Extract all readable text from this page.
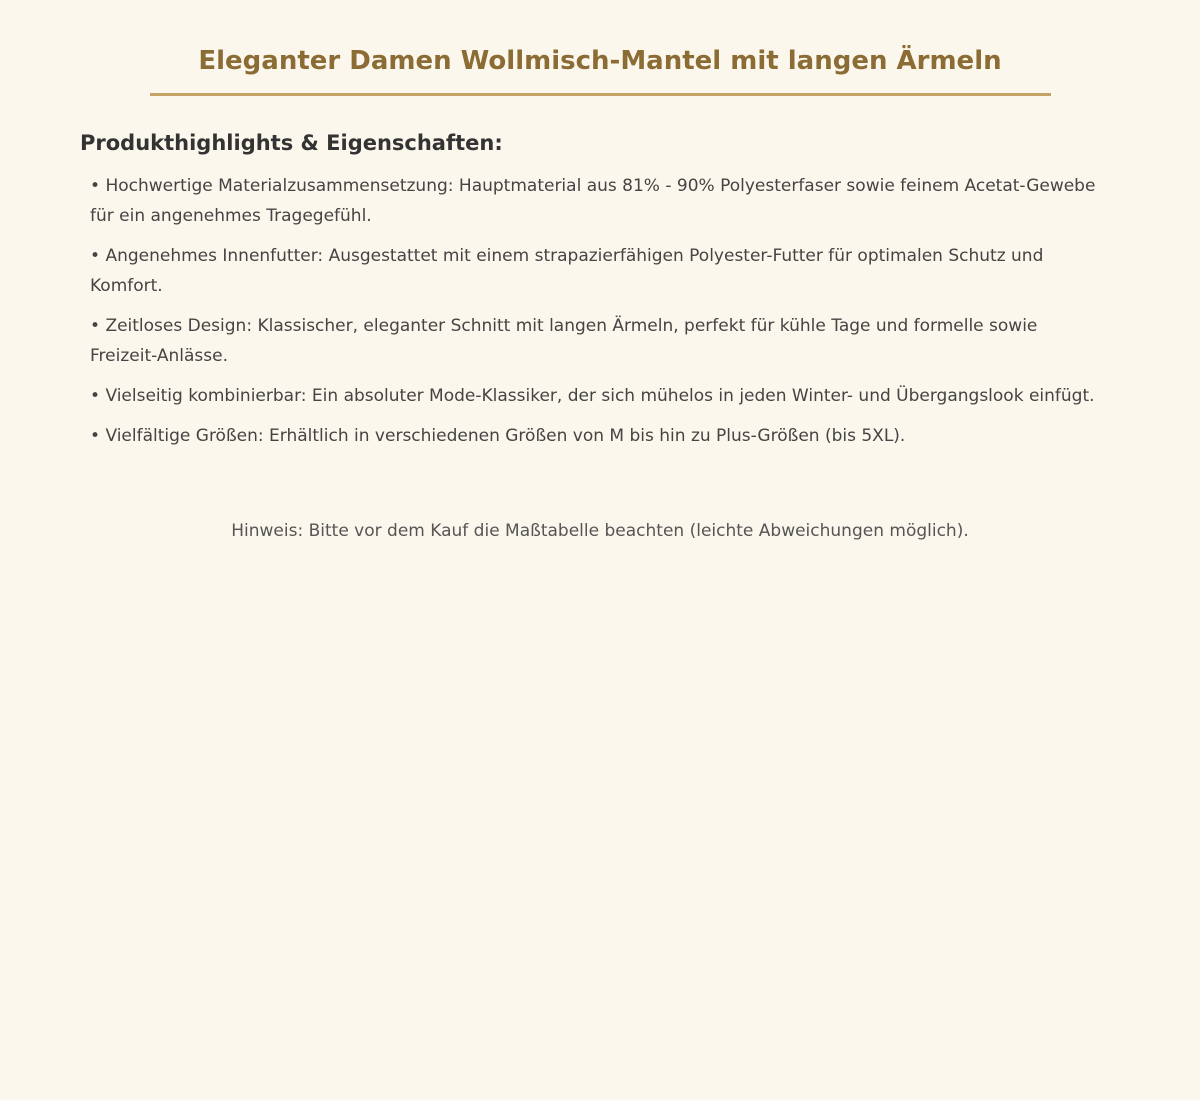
Eleganter Damen Wollmisch-Mantel mit langen Ärmeln
Produkthighlights & Eigenschaften:
• Hochwertige Materialzusammensetzung: Hauptmaterial aus 81% - 90% Polyesterfaser sowie feinem Acetat-Gewebe für ein angenehmes Tragegefühl.
• Angenehmes Innenfutter: Ausgestattet mit einem strapazierfähigen Polyester-Futter für optimalen Schutz und Komfort.
• Zeitloses Design: Klassischer, eleganter Schnitt mit langen Ärmeln, perfekt für kühle Tage und formelle sowie Freizeit-Anlässe.
• Vielseitig kombinierbar: Ein absoluter Mode-Klassiker, der sich mühelos in jeden Winter- und Übergangslook einfügt.
• Vielfältige Größen: Erhältlich in verschiedenen Größen von M bis hin zu Plus-Größen (bis 5XL).

Hinweis: Bitte vor dem Kauf die Maßtabelle beachten (leichte Abweichungen möglich).
